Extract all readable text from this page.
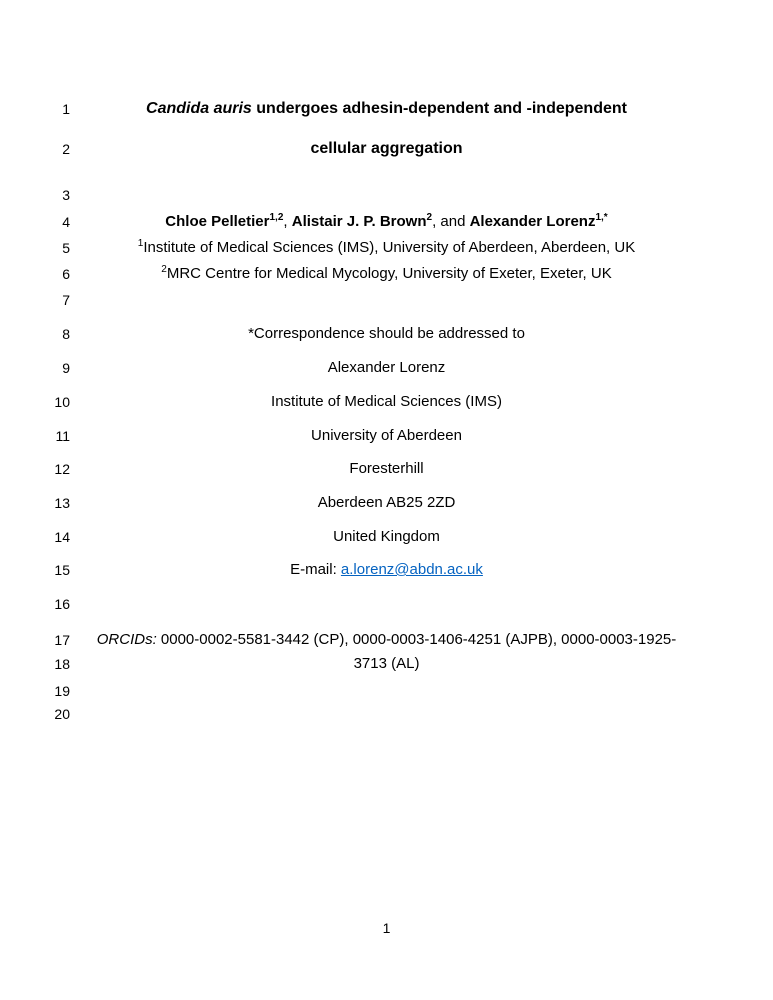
1	Candida auris undergoes adhesin-dependent and -independent
2	cellular aggregation
3
4	Chloe Pelletier$^{1,2}$, Alistair J. P. Brown$^2$, and Alexander Lorenz$^{1,*}$
5	$^1$Institute of Medical Sciences (IMS), University of Aberdeen, Aberdeen, UK
6	$^2$MRC Centre for Medical Mycology, University of Exeter, Exeter, UK
7
8	*Correspondence should be addressed to
9	Alexander Lorenz
10	Institute of Medical Sciences (IMS)
11	University of Aberdeen
12	Foresterhill
13	Aberdeen AB25 2ZD
14	United Kingdom
15	E-mail: a.lorenz@abdn.ac.uk
16
17 ORCIDs: 0000-0002-5581-3442 (CP), 0000-0003-1406-4251 (AJPB), 0000-0003-1925-
18	3713 (AL)
19
20
1
